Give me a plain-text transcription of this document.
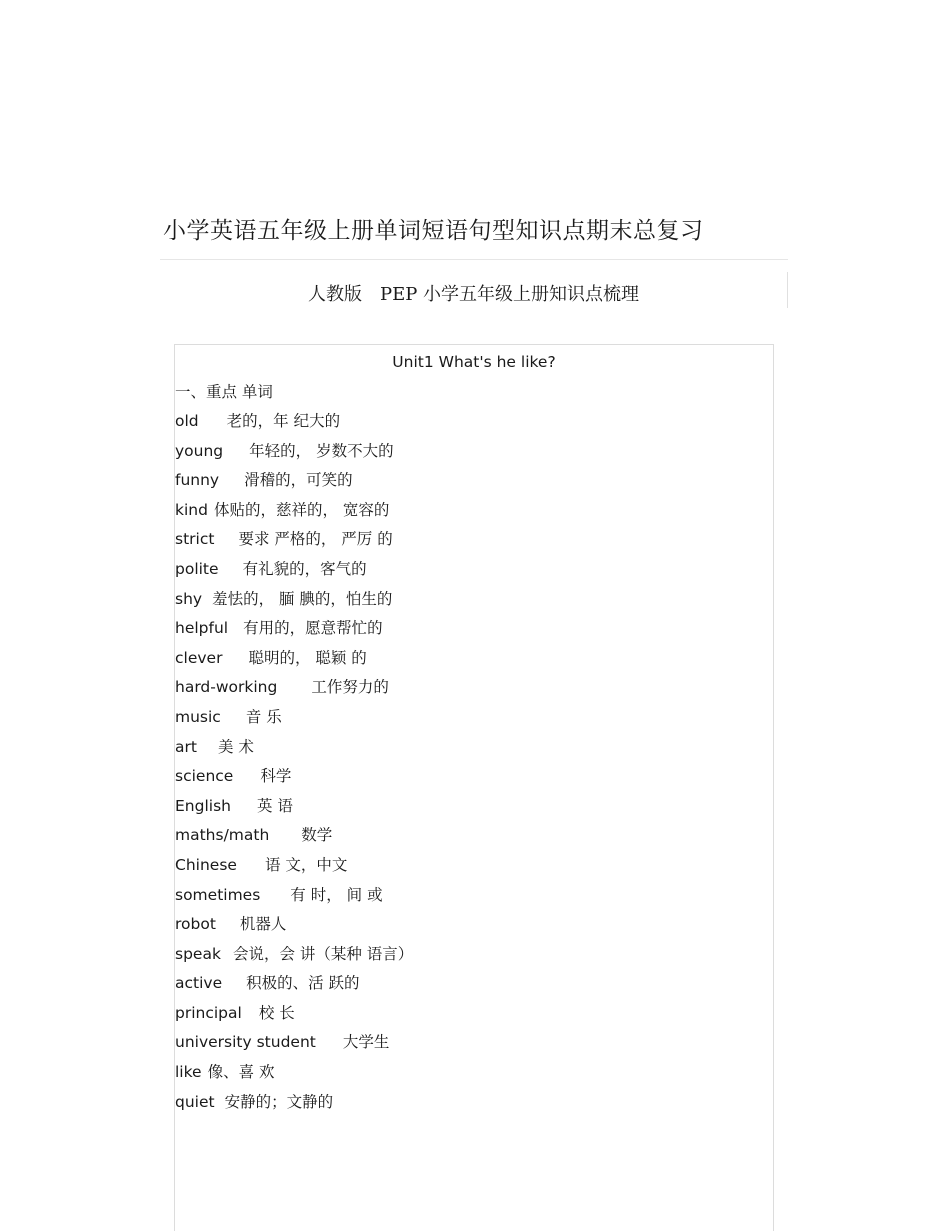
小学英语五年级上册单词短语句型知识点期末总复习
人教版　PEP 小学五年级上册知识点梳理
Unit1 What's he like?

一、重点 单词

old 老的，年 纪大的
young 年轻的， 岁数不大的
funny 滑稽的，可笑的
kind 体贴的，慈祥的， 宽容的
strict 要求 严格的， 严厉 的
polite 有礼貌的，客气的
shy 羞怯的， 腼 腆的，怕生的
helpful 有用的，愿意帮忙的
clever 聪明的， 聪颖 的
hard-working 工作努力的
music 音 乐
art 美 术
science 科学
English 英 语
maths/math 数学
Chinese 语 文，中文
sometimes 有 时， 间 或
robot 机器人
speak 会说，会 讲（某种 语言）
active 积极的、活 跃的
principal 校 长
university student 大学生
like 像、喜 欢
quiet 安静的；文静的
